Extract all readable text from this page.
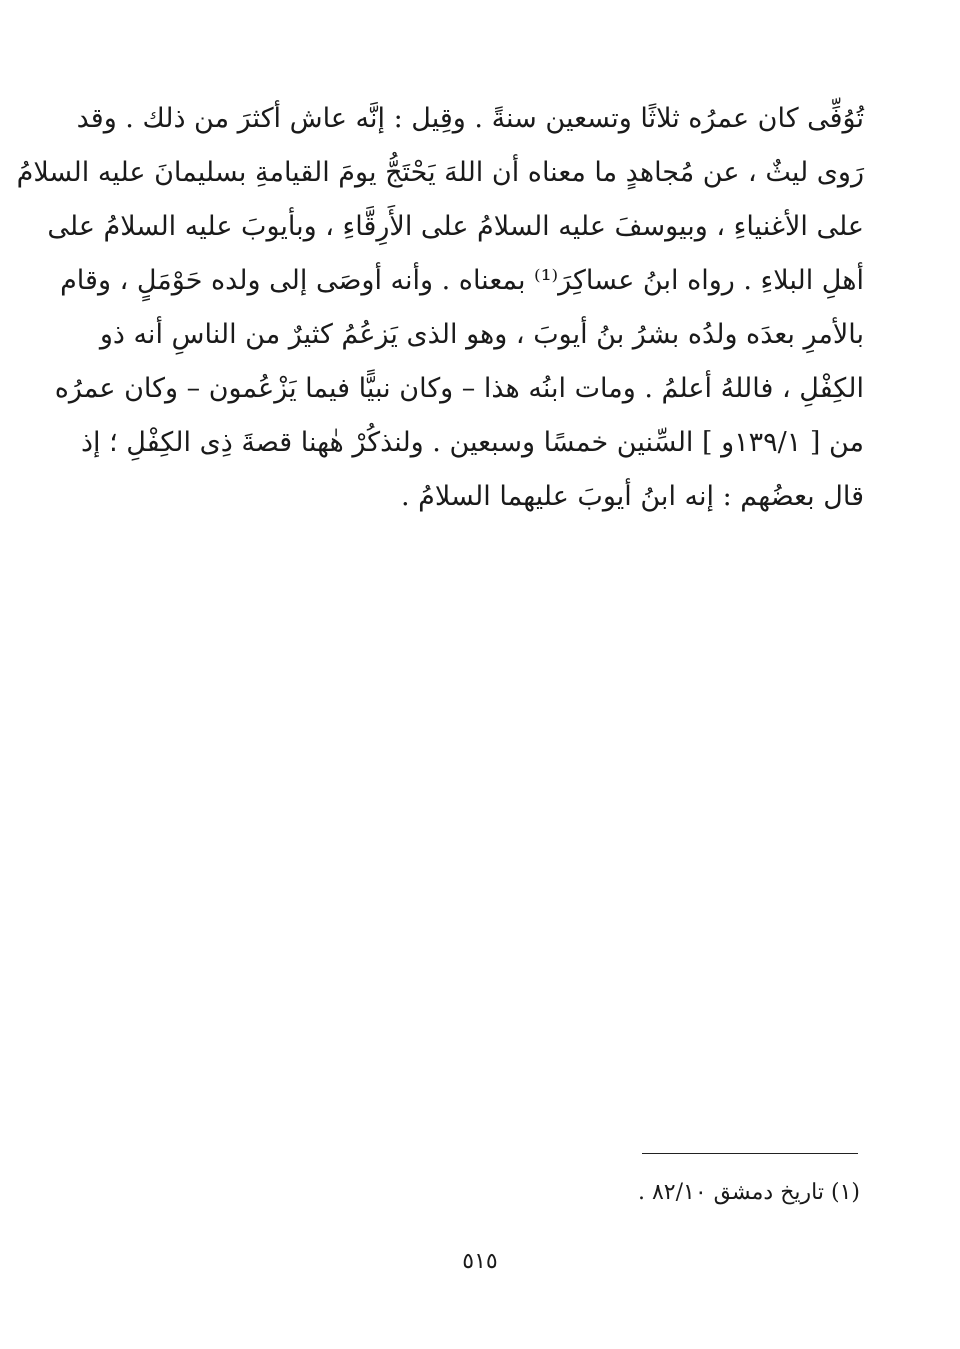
تُوُفِّى كان عمرُه ثلاثًا وتسعين سنةً . وقِيل : إنَّه عاش أكثرَ من ذلك . وقد
رَوى ليثٌ ، عن مُجاهدٍ ما معناه أن اللهَ يَحْتَجُّ يومَ القيامةِ بسليمانَ عليه السلامُ
على الأغنياءِ ، وبيوسفَ عليه السلامُ على الأَرِقَّاءِ ، وبأيوبَ عليه السلامُ على
أهلِ البلاءِ . رواه ابنُ عساكِرَ⁽¹⁾ بمعناه . وأنه أوصَى إلى ولده حَوْمَلٍ ، وقام
بالأمرِ بعدَه ولدُه بشرُ بنُ أيوبَ ، وهو الذى يَزعُمُ كثيرٌ من الناسِ أنه ذو
الكِفْلِ ، فاللهُ أعلمُ . ومات ابنُه هذا – وكان نبيًّا فيما يَزْعُمون – وكان عمرُه
من [ ١٣٩/١و ] السِّنين خمسًا وسبعين . ولنذكُرْ هٰهنا قصةَ ذِى الكِفْلِ ؛ إذ
قال بعضُهم : إنه ابنُ أيوبَ عليهما السلامُ .
(١) تاريخ دمشق ٨٢/١٠ .
٥١٥
